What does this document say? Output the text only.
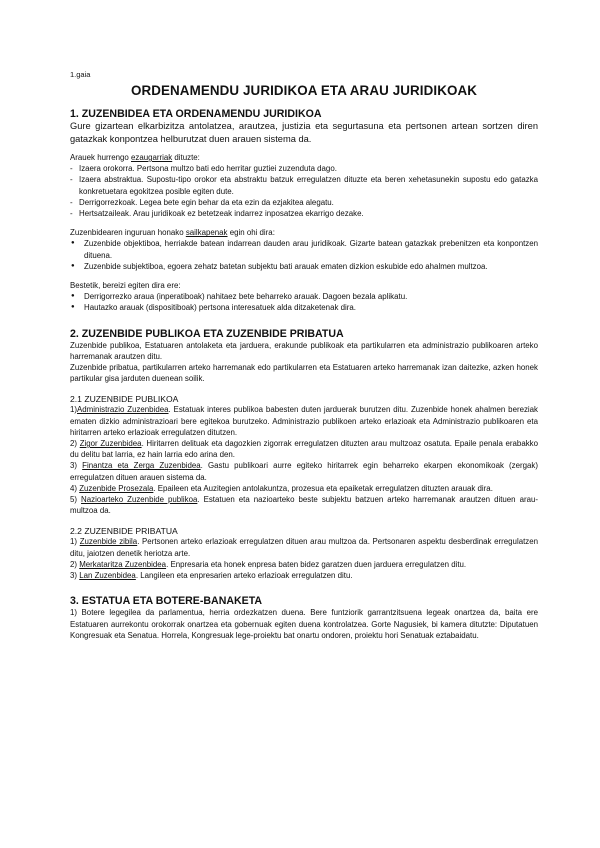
1.gaia

ORDENAMENDU JURIDIKOA ETA ARAU JURIDIKOAK
1. ZUZENBIDEA ETA ORDENAMENDU JURIDIKOA

Gure gizartean elkarbizitza antolatzea, arautzea, justizia eta segurtasuna eta pertsonen artean sortzen diren gatazkak konpontzea helburutzat duen arauen sistema da.

Arauek hurrengo ezaugarriak dituzte:

- Izaera orokorra. Pertsona multzo bati edo herritar guztiei zuzenduta dago.
- Izaera abstraktua. Supostu-tipo orokor eta abstraktu batzuk erregulatzen dituzte eta beren xehetasunekin supostu edo gatazka konkretuetara egokitzea posible egiten dute.
- Derrigorrezkoak. Legea bete egin behar da eta ezin da ezjakitea alegatu.
- Hertsatzaileak. Arau juridikoak ez betetzeak indarrez inposatzea ekarrigo dezake.

Zuzenbidearen inguruan honako sailkapenak egin ohi dira:

● Zuzenbide objektiboa, herriakde batean indarrean dauden arau juridikoak. Gizarte batean gatazkak prebenitzen eta konpontzen dituena.
● Zuzenbide subjektiboa, egoera zehatz batetan subjektu bati arauak ematen dizkion eskubide edo ahalmen multzoa.

Bestetik, bereizi egiten dira ere:

● Derrigorrezko araua (inperatiboak) nahitaez bete beharreko arauak. Dagoen bezala aplikatu.
● Hautazko arauak (dispositiboak) pertsona interesatuek alda ditzaketenak dira.
2. ZUZENBIDE PUBLIKOA ETA ZUZENBIDE PRIBATUA

Zuzenbide publikoa, Estatuaren antolaketa eta jarduera, erakunde publikoak eta partikularren eta administrazio publikoaren arteko harremanak arautzen ditu.

Zuzenbide pribatua, partikularren arteko harremanak edo partikularren eta Estatuaren arteko harremanak izan daitezke, azken honek partikular gisa jarduten duenean soilik.

2.1 ZUZENBIDE PUBLIKOA

1)Administrazio Zuzenbidea. Estatuak interes publikoa babesten duten jarduerak burutzen ditu. Zuzenbide honek ahalmen bereziak ematen dizkio administrazioari bere egitekoa burutzeko. Administrazio publikoen arteko erlazioak eta Administrazio publikoaren eta hiritarren arteko erlazioak erregulatzen ditutzen.

2) Zigor Zuzenbidea. Hiritarren delituak eta dagozkien zigorrak erregulatzen dituzten arau multzoaz osatuta. Epaile penala erabakko du delitu bat larria, ez hain larria edo arina den.

3) Finantza eta Zerga Zuzenbidea. Gastu publikoari aurre egiteko hiritarrek egin beharreko ekarpen ekonomikoak (zergak) erregulatzen dituen arauen sistema da.

4) Zuzenbide Prosezala. Epaileen eta Auzitegien antolakuntza, prozesua eta epaiketak erregulatzen dituzten arauak dira.

5) Nazioarteko Zuzenbide publikoa. Estatuen eta nazioarteko beste subjektu batzuen arteko harremanak arautzen dituen arau-multzoa da.

2.2 ZUZENBIDE PRIBATUA

1) Zuzenbide zibila. Pertsonen arteko erlazioak erregulatzen dituen arau multzoa da. Pertsonaren aspektu desberdinak erregulatzen ditu, jaiotzen denetik heriotza arte.

2) Merkataritza Zuzenbidea. Enpresaria eta honek enpresa baten bidez garatzen duen jarduera erregulatzen ditu.

3) Lan Zuzenbidea. Langileen eta enpresarien arteko erlazioak erregulatzen ditu.

3. ESTATUA ETA BOTERE-BANAKETA

1) Botere legegilea da parlamentua, herria ordezkatzen duena. Bere funtziorik garrantzitsuena legeak onartzea da, baita ere Estatuaren aurrekontu orokorrak onartzea eta gobernuak egiten duena kontrolatzea. Gorte Nagusiek, bi kamera ditutzte: Diputatuen Kongresuak eta Senatua. Horrela, Kongresuak lege-proiektu bat onartu ondoren, proiektu hori Senatuak eztabaidatu.
